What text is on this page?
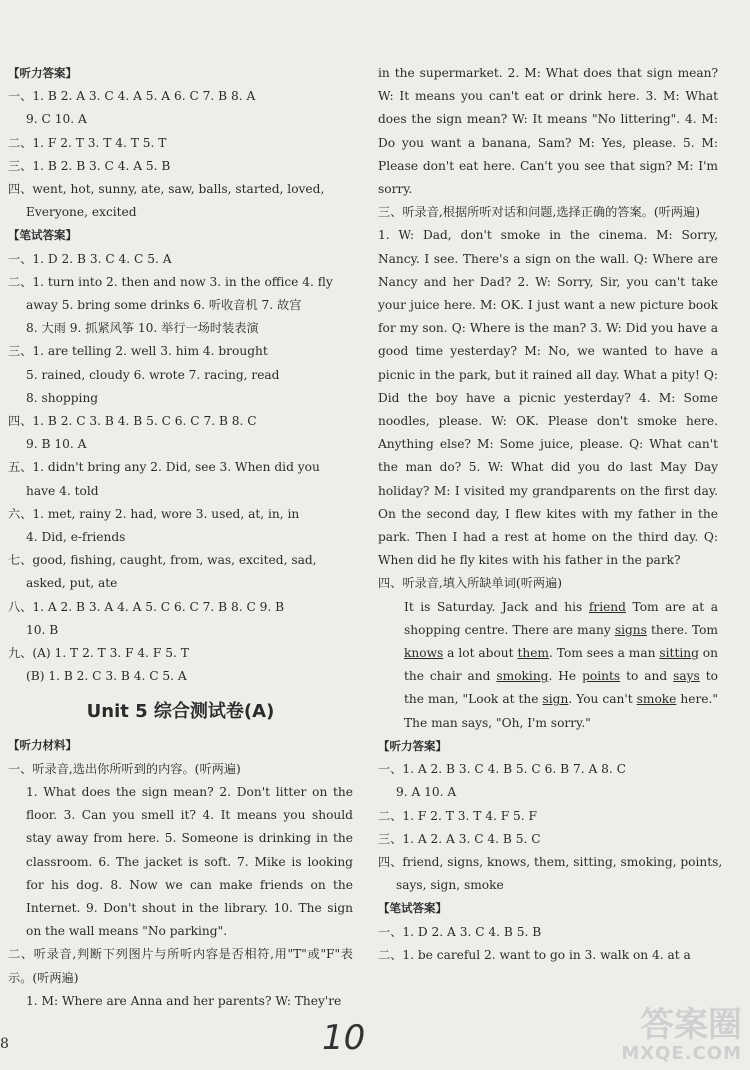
【听力答案】
一、1. B 2. A 3. C 4. A 5. A 6. C 7. B 8. A
9. C 10. A
二、1. F 2. T 3. T 4. T 5. T
三、1. B 2. B 3. C 4. A 5. B
四、went, hot, sunny, ate, saw, balls, started, loved,
Everyone, excited
【笔试答案】
一、1. D 2. B 3. C 4. C 5. A
二、1. turn into 2. then and now 3. in the office 4. fly
away 5. bring some drinks 6. 听收音机 7. 故宫
8. 大雨 9. 抓紧风筝 10. 举行一场时装表演
三、1. are telling 2. well 3. him 4. brought
5. rained, cloudy 6. wrote 7. racing, read
8. shopping
四、1. B 2. C 3. B 4. B 5. C 6. C 7. B 8. C
9. B 10. A
五、1. didn't bring any 2. Did, see 3. When did you
have 4. told
六、1. met, rainy 2. had, wore 3. used, at, in, in
4. Did, e-friends
七、good, fishing, caught, from, was, excited, sad,
asked, put, ate
八、1. A 2. B 3. A 4. A 5. C 6. C 7. B 8. C 9. B
10. B
九、(A) 1. T 2. T 3. F 4. F 5. T
(B) 1. B 2. C 3. B 4. C 5. A
Unit 5 综合测试卷(A)
【听力材料】
一、听录音,选出你所听到的内容。(听两遍)
1. What does the sign mean? 2. Don't litter on the floor. 3. Can you smell it? 4. It means you should stay away from here. 5. Someone is drinking in the classroom. 6. The jacket is soft. 7. Mike is looking for his dog. 8. Now we can make friends on the Internet. 9. Don't shout in the library. 10. The sign on the wall means "No parking".
二、听录音,判断下列图片与所听内容是否相符,用"T"或"F"表示。(听两遍)
1. M: Where are Anna and her parents? W: They're
in the supermarket. 2. M: What does that sign mean? W: It means you can't eat or drink here. 3. M: What does the sign mean? W: It means "No littering". 4. M: Do you want a banana, Sam? M: Yes, please. 5. M: Please don't eat here. Can't you see that sign? M: I'm sorry.
三、听录音,根据所听对话和问题,选择正确的答案。(听两遍)
1. W: Dad, don't smoke in the cinema. M: Sorry, Nancy. I see. There's a sign on the wall. Q: Where are Nancy and her Dad? 2. W: Sorry, Sir, you can't take your juice here. M: OK. I just want a new picture book for my son. Q: Where is the man? 3. W: Did you have a good time yesterday? M: No, we wanted to have a picnic in the park, but it rained all day. What a pity! Q: Did the boy have a picnic yesterday? 4. M: Some noodles, please. W: OK. Please don't smoke here. Anything else? M: Some juice, please. Q: What can't the man do? 5. W: What did you do last May Day holiday? M: I visited my grandparents on the first day. On the second day, I flew kites with my father in the park. Then I had a rest at home on the third day. Q: When did he fly kites with his father in the park?
四、听录音,填入所缺单词(听两遍)
It is Saturday. Jack and his friend Tom are at a shopping centre. There are many signs there. Tom knows a lot about them. Tom sees a man sitting on the chair and smoking. He points to and says to the man, "Look at the sign. You can't smoke here." The man says, "Oh, I'm sorry."
【听力答案】
一、1. A 2. B 3. C 4. B 5. C 6. B 7. A 8. C
9. A 10. A
二、1. F 2. T 3. T 4. F 5. F
三、1. A 2. A 3. C 4. B 5. C
四、friend, signs, knows, them, sitting, smoking, points,
says, sign, smoke
【笔试答案】
一、1. D 2. A 3. C 4. B 5. B
二、1. be careful 2. want to go in 3. walk on 4. at a
8	10	答案圈
MXQE.COM
